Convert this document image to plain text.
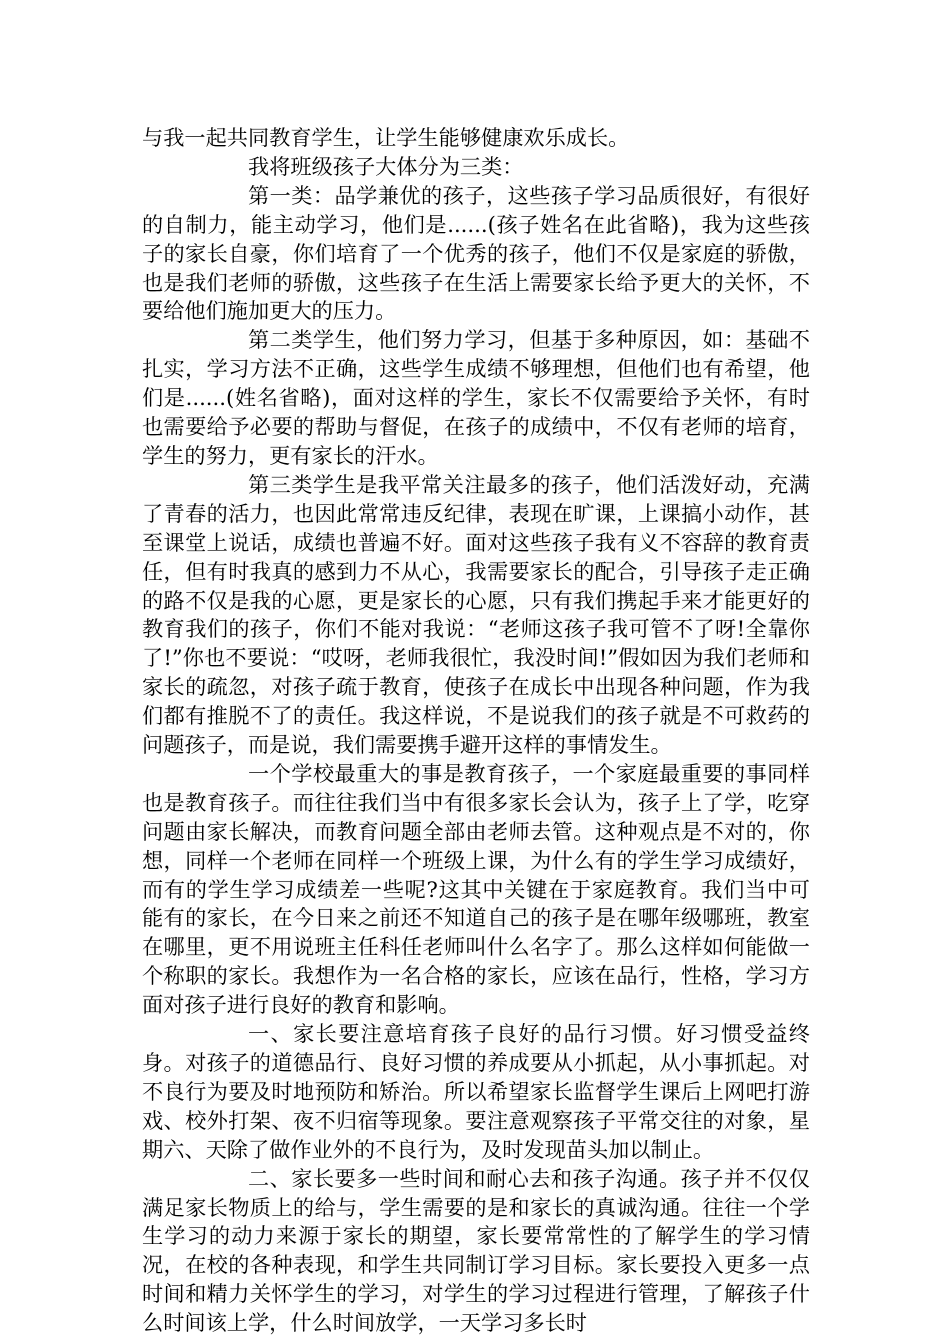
与我一起共同教育学生，让学生能够健康欢乐成长。

我将班级孩子大体分为三类：

第一类：品学兼优的孩子，这些孩子学习品质很好，有很好的自制力，能主动学习，他们是......(孩子姓名在此省略)，我为这些孩子的家长自豪，你们培育了一个优秀的孩子，他们不仅是家庭的骄傲，也是我们老师的骄傲，这些孩子在生活上需要家长给予更大的关怀，不要给他们施加更大的压力。

第二类学生，他们努力学习，但基于多种原因，如：基础不扎实，学习方法不正确，这些学生成绩不够理想，但他们也有希望，他们是......(姓名省略)，面对这样的学生，家长不仅需要给予关怀，有时也需要给予必要的帮助与督促，在孩子的成绩中，不仅有老师的培育，学生的努力，更有家长的汗水。

第三类学生是我平常关注最多的孩子，他们活泼好动，充满了青春的活力，也因此常常违反纪律，表现在旷课，上课搞小动作，甚至课堂上说话，成绩也普遍不好。面对这些孩子我有义不容辞的教育责任，但有时我真的感到力不从心，我需要家长的配合，引导孩子走正确的路不仅是我的心愿，更是家长的心愿，只有我们携起手来才能更好的教育我们的孩子，你们不能对我说：“老师这孩子我可管不了呀!全靠你了!”你也不要说：“哎呀，老师我很忙，我没时间!”假如因为我们老师和家长的疏忽，对孩子疏于教育，使孩子在成长中出现各种问题，作为我们都有推脱不了的责任。我这样说，不是说我们的孩子就是不可救药的问题孩子，而是说，我们需要携手避开这样的事情发生。

一个学校最重大的事是教育孩子，一个家庭最重要的事同样也是教育孩子。而往往我们当中有很多家长会认为，孩子上了学，吃穿问题由家长解决，而教育问题全部由老师去管。这种观点是不对的，你想，同样一个老师在同样一个班级上课，为什么有的学生学习成绩好，而有的学生学习成绩差一些呢?这其中关键在于家庭教育。我们当中可能有的家长，在今日来之前还不知道自己的孩子是在哪年级哪班，教室在哪里，更不用说班主任科任老师叫什么名字了。那么这样如何能做一个称职的家长。我想作为一名合格的家长，应该在品行，性格，学习方面对孩子进行良好的教育和影响。

一、家长要注意培育孩子良好的品行习惯。好习惯受益终身。对孩子的道德品行、良好习惯的养成要从小抓起，从小事抓起。对不良行为要及时地预防和矫治。所以希望家长监督学生课后上网吧打游戏、校外打架、夜不归宿等现象。要注意观察孩子平常交往的对象，星期六、天除了做作业外的不良行为，及时发现苗头加以制止。

二、家长要多一些时间和耐心去和孩子沟通。孩子并不仅仅满足家长物质上的给与，学生需要的是和家长的真诚沟通。往往一个学生学习的动力来源于家长的期望，家长要常常性的了解学生的学习情况，在校的各种表现，和学生共同制订学习目标。家长要投入更多一点时间和精力关怀学生的学习，对学生的学习过程进行管理，了解孩子什么时间该上学，什么时间放学，一天学习多长时
